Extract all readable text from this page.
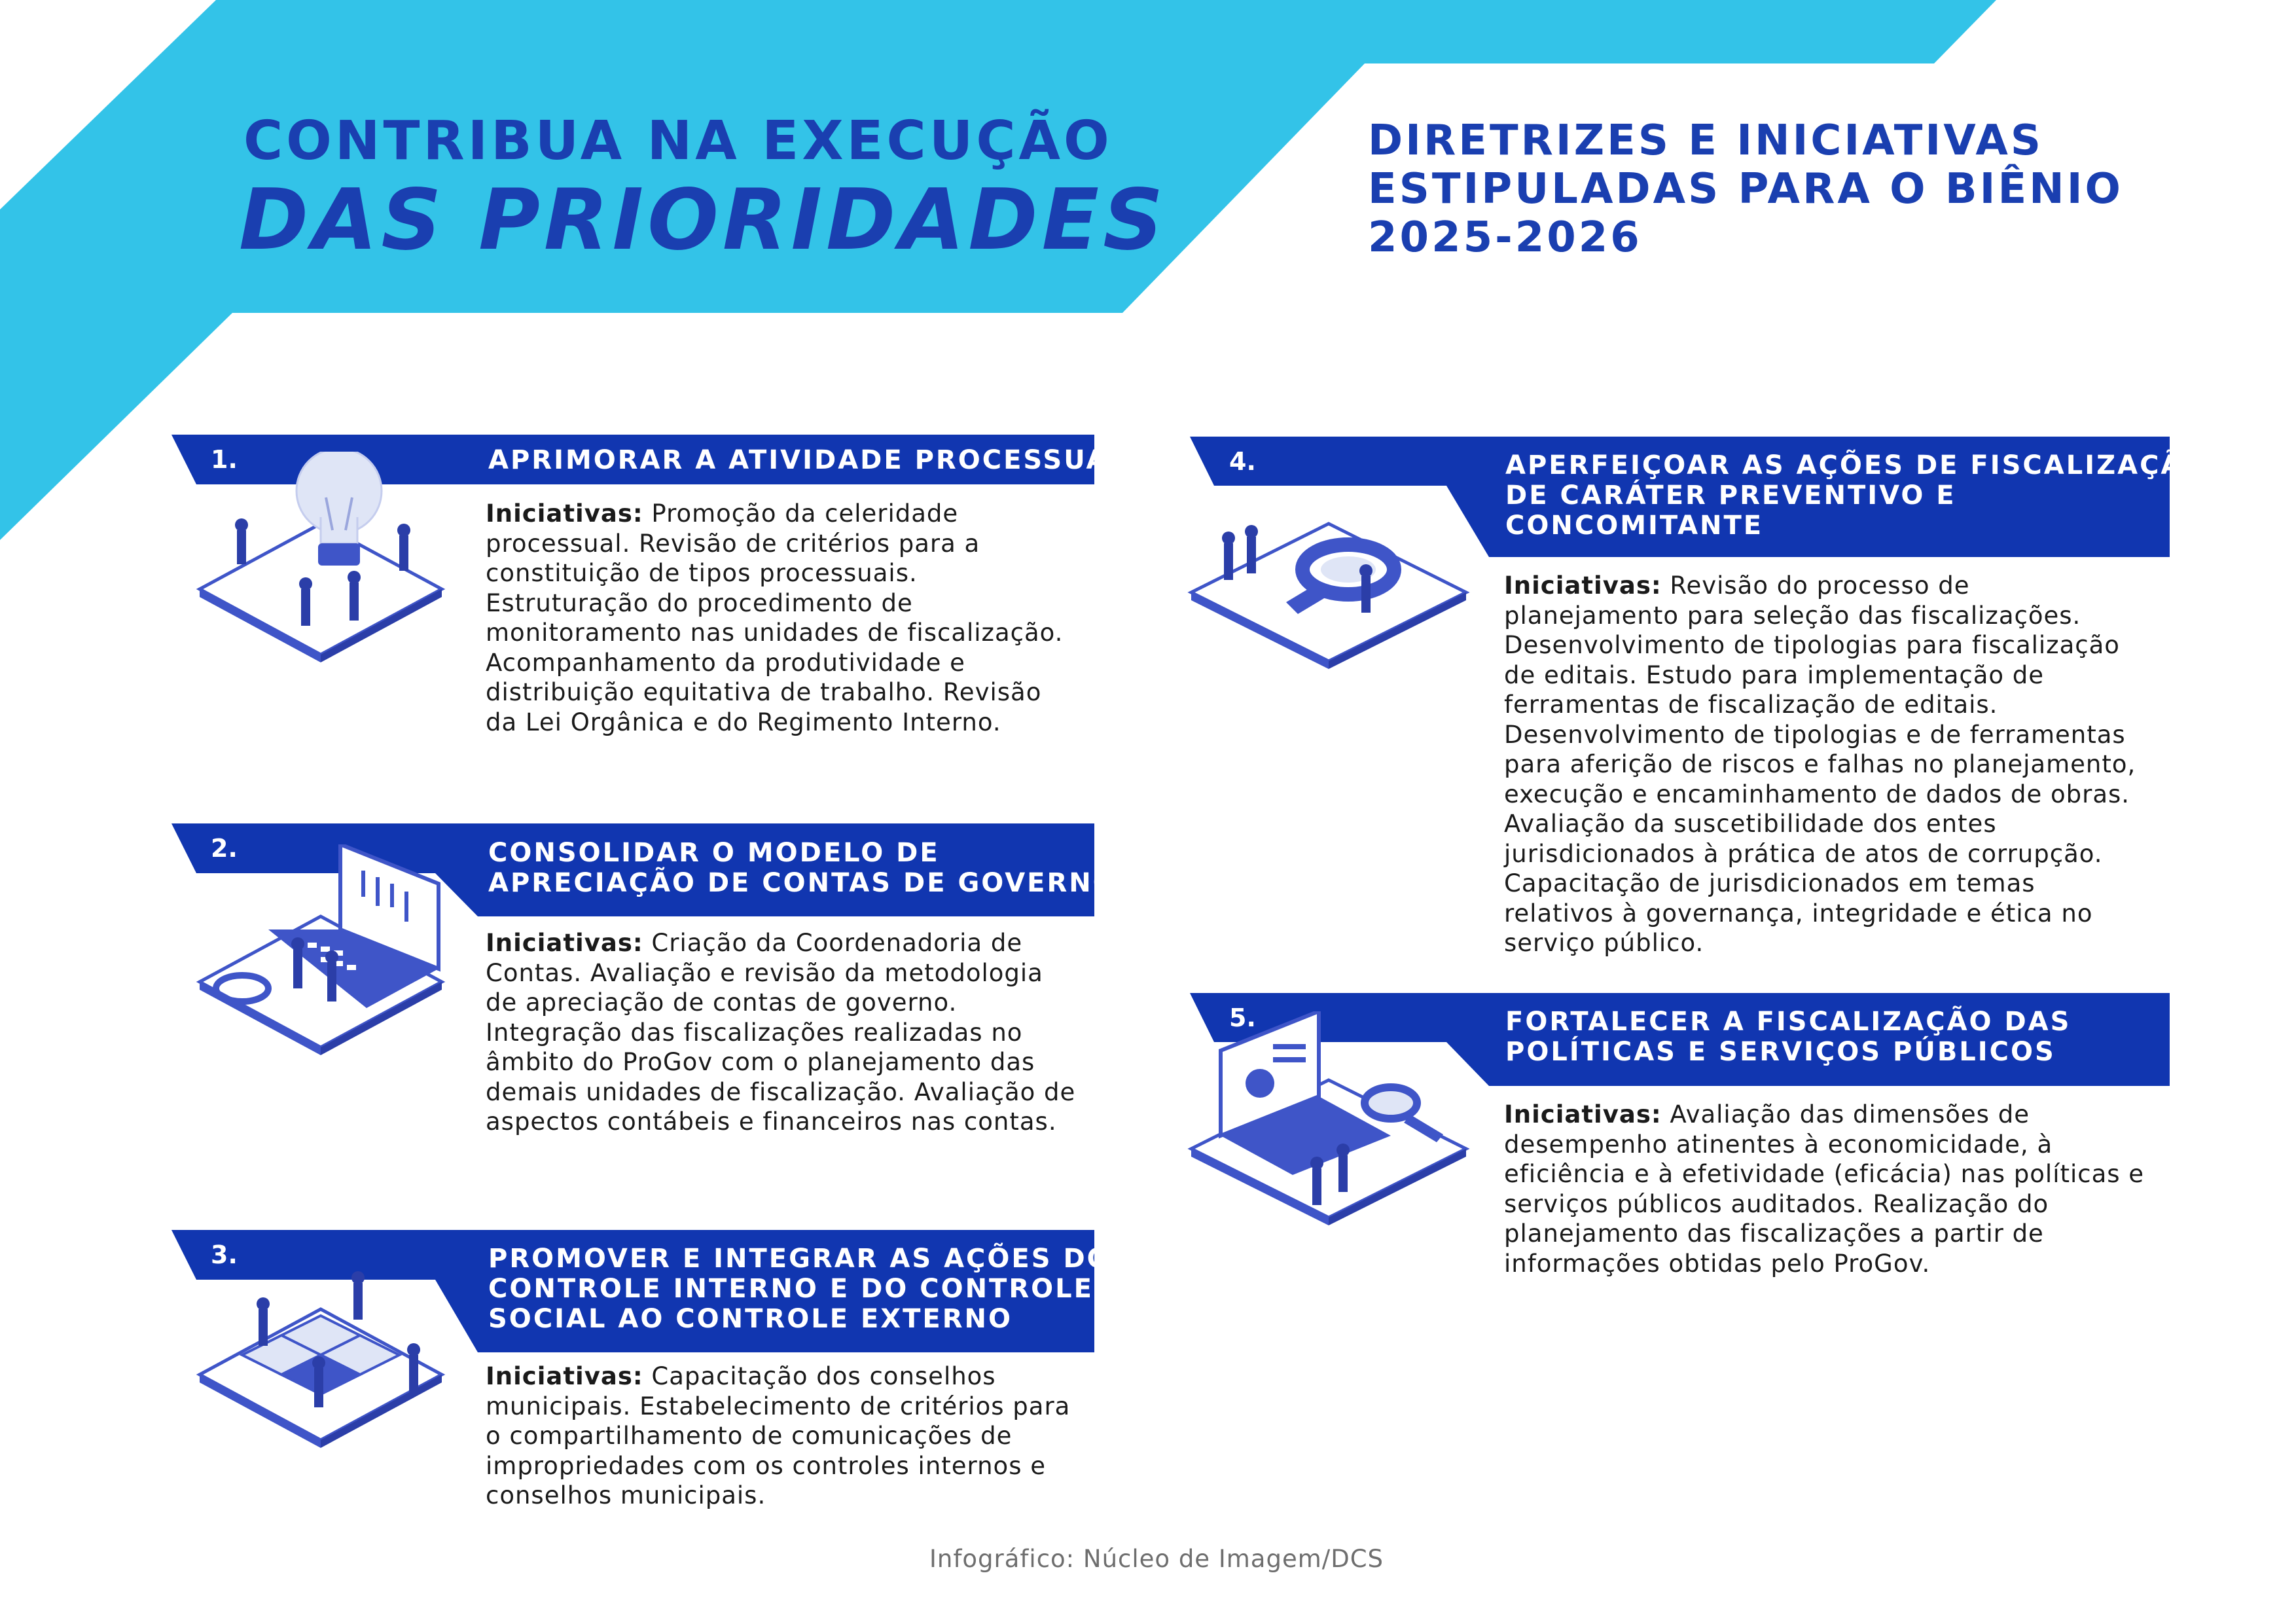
CONTRIBUA NA EXECUÇÃO
DAS PRIORIDADES
DIRETRIZES E INICIATIVAS
ESTIPULADAS PARA O BIÊNIO
2025-2026
1.	APRIMORAR A ATIVIDADE PROCESSUAL
Iniciativas: Promoção da celeridade
processual. Revisão de critérios para a
constituição de tipos processuais.
Estruturação do procedimento de
monitoramento nas unidades de fiscalização.
Acompanhamento da produtividade e
distribuição equitativa de trabalho. Revisão
da Lei Orgânica e do Regimento Interno.
2.	CONSOLIDAR O MODELO DE
APRECIAÇÃO DE CONTAS DE GOVERNO
Iniciativas: Criação da Coordenadoria de
Contas. Avaliação e revisão da metodologia
de apreciação de contas de governo.
Integração das fiscalizações realizadas no
âmbito do ProGov com o planejamento das
demais unidades de fiscalização. Avaliação de
aspectos contábeis e financeiros nas contas.
3.	PROMOVER E INTEGRAR AS AÇÕES DO
CONTROLE INTERNO E DO CONTROLE
SOCIAL AO CONTROLE EXTERNO
Iniciativas: Capacitação dos conselhos
municipais. Estabelecimento de critérios para
o compartilhamento de comunicações de
impropriedades com os controles internos e
conselhos municipais.
4.	APERFEIÇOAR AS AÇÕES DE FISCALIZAÇÃO
DE CARÁTER PREVENTIVO E
CONCOMITANTE
Iniciativas: Revisão do processo de
planejamento para seleção das fiscalizações.
Desenvolvimento de tipologias para fiscalização
de editais. Estudo para implementação de
ferramentas de fiscalização de editais.
Desenvolvimento de tipologias e de ferramentas
para aferição de riscos e falhas no planejamento,
execução e encaminhamento de dados de obras.
Avaliação da suscetibilidade dos entes
jurisdicionados à prática de atos de corrupção.
Capacitação de jurisdicionados em temas
relativos à governança, integridade e ética no
serviço público.
5.	FORTALECER A FISCALIZAÇÃO DAS
POLÍTICAS E SERVIÇOS PÚBLICOS
Iniciativas: Avaliação das dimensões de
desempenho atinentes à economicidade, à
eficiência e à efetividade (eficácia) nas políticas e
serviços públicos auditados. Realização do
planejamento das fiscalizações a partir de
informações obtidas pelo ProGov.
Infográfico: Núcleo de Imagem/DCS
